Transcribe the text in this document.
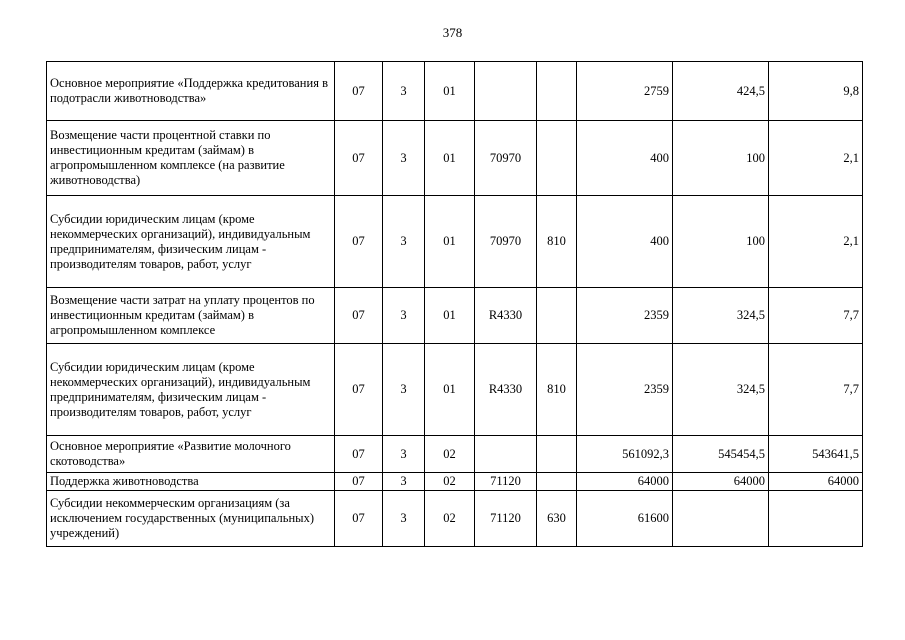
378
Основное мероприятие «Поддержка кредитования в подотрасли животноводства»	07	3	01			2759	424,5	9,8
Возмещение части процентной ставки по инвестиционным кредитам (займам) в агропромышленном комплексе (на развитие животноводства)	07	3	01	70970		400	100	2,1
Субсидии юридическим лицам (кроме некоммерческих организаций), индивидуальным предпринимателям, физическим лицам - производителям товаров, работ, услуг	07	3	01	70970	810	400	100	2,1
Возмещение части затрат на уплату процентов по инвестиционным кредитам (займам) в агропромышленном комплексе	07	3	01	R4330		2359	324,5	7,7
Субсидии юридическим лицам (кроме некоммерческих организаций), индивидуальным предпринимателям, физическим лицам - производителям товаров, работ, услуг	07	3	01	R4330	810	2359	324,5	7,7
Основное мероприятие «Развитие молочного скотоводства»	07	3	02			561092,3	545454,5	543641,5
Поддержка животноводства	07	3	02	71120		64000	64000	64000
Субсидии некоммерческим организациям (за исключением государственных (муниципальных) учреждений)	07	3	02	71120	630	61600		
